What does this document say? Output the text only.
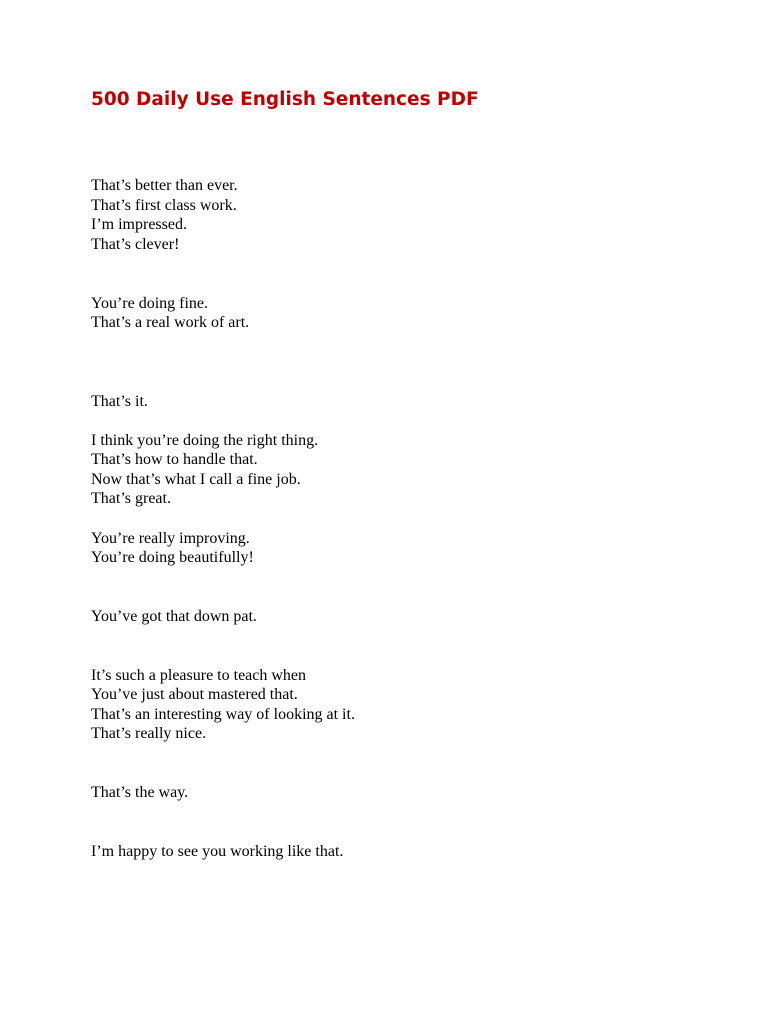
500 Daily Use English Sentences PDF

That’s better than ever.

That’s first class work.

I’m impressed.

That’s clever!

You’re doing fine.

That’s a real work of art.

That’s it.

I think you’re doing the right thing.

That’s how to handle that.

Now that’s what I call a fine job.

That’s great.

You’re really improving.

You’re doing beautifully!

You’ve got that down pat.

It’s such a pleasure to teach when

You’ve just about mastered that.

That’s an interesting way of looking at it.

That’s really nice.

That’s the way.

I’m happy to see you working like that.
